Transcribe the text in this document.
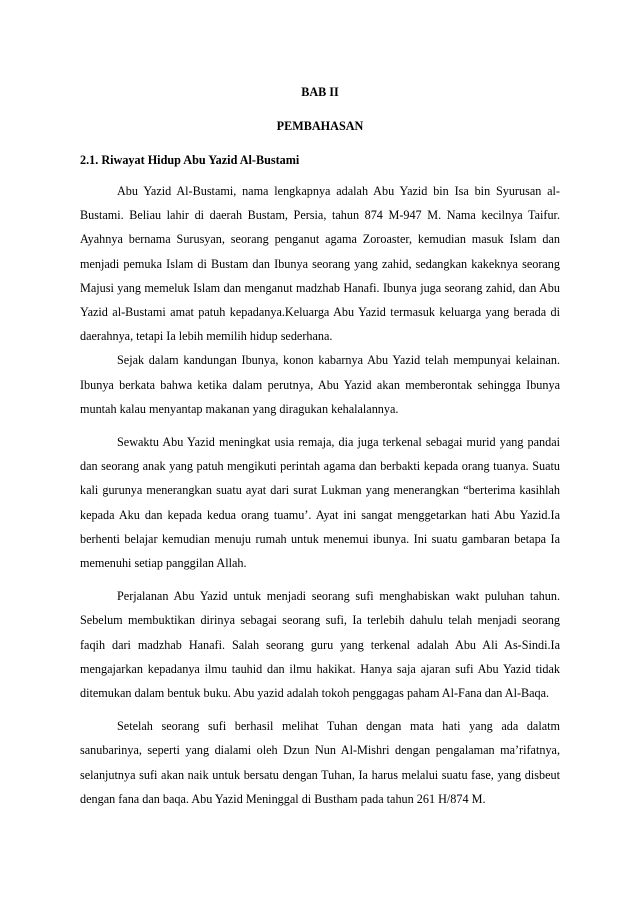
BAB II

PEMBAHASAN

2.1. Riwayat Hidup Abu Yazid Al-Bustami

Abu Yazid Al-Bustami, nama lengkapnya adalah Abu Yazid bin Isa bin Syurusan al-Bustami. Beliau lahir di daerah Bustam, Persia, tahun 874 M-947 M. Nama kecilnya Taifur. Ayahnya bernama Surusyan, seorang penganut agama Zoroaster, kemudian masuk Islam dan menjadi pemuka Islam di Bustam dan Ibunya seorang yang zahid, sedangkan kakeknya seorang Majusi yang memeluk Islam dan menganut madzhab Hanafi. Ibunya juga seorang zahid, dan Abu Yazid al-Bustami amat patuh kepadanya.Keluarga Abu Yazid termasuk keluarga yang berada di daerahnya, tetapi Ia lebih memilih hidup sederhana.

Sejak dalam kandungan Ibunya, konon kabarnya Abu Yazid telah mempunyai kelainan. Ibunya berkata bahwa ketika dalam perutnya, Abu Yazid akan memberontak sehingga Ibunya muntah kalau menyantap makanan yang diragukan kehalalannya.

Sewaktu Abu Yazid meningkat usia remaja, dia juga terkenal sebagai murid yang pandai dan seorang anak yang patuh mengikuti perintah agama dan berbakti kepada orang tuanya. Suatu kali gurunya menerangkan suatu ayat dari surat Lukman yang menerangkan “berterima kasihlah kepada Aku dan kepada kedua orang tuamu’. Ayat ini sangat menggetarkan hati Abu Yazid.Ia berhenti belajar kemudian menuju rumah untuk menemui ibunya. Ini suatu gambaran betapa Ia memenuhi setiap panggilan Allah.

Perjalanan Abu Yazid untuk menjadi seorang sufi menghabiskan wakt puluhan tahun. Sebelum membuktikan dirinya sebagai seorang sufi, Ia terlebih dahulu telah menjadi seorang faqih dari madzhab Hanafi. Salah seorang guru yang terkenal adalah Abu Ali As-Sindi.Ia mengajarkan kepadanya ilmu tauhid dan ilmu hakikat. Hanya saja ajaran sufi Abu Yazid tidak ditemukan dalam bentuk buku. Abu yazid adalah tokoh penggagas paham Al-Fana dan Al-Baqa.

Setelah seorang sufi berhasil melihat Tuhan dengan mata hati yang ada dalatm sanubarinya, seperti yang dialami oleh Dzun Nun Al-Mishri dengan pengalaman ma’rifatnya, selanjutnya sufi akan naik untuk bersatu dengan Tuhan, Ia harus melalui suatu fase, yang disbeut dengan fana dan baqa. Abu Yazid Meninggal di Bustham pada tahun 261 H/874 M.
